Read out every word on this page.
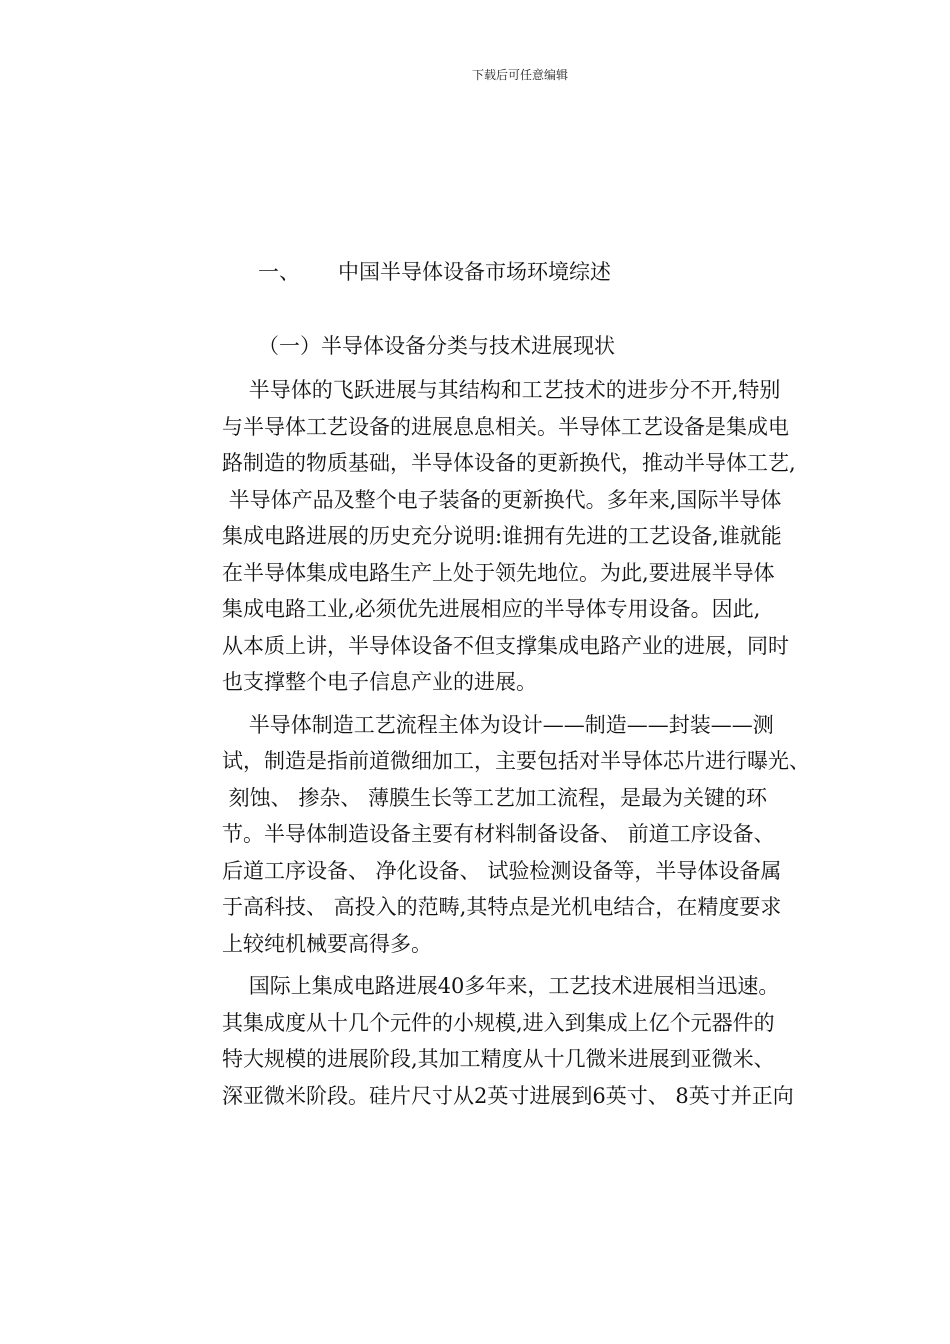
下载后可任意编辑
一、 中国半导体设备市场环境综述
（一）半导体设备分类与技术进展现状
半导体的飞跃进展与其结构和工艺技术的进步分不开,特别
与半导体工艺设备的进展息息相关。半导体工艺设备是集成电
路制造的物质基础，半导体设备的更新换代，推动半导体工艺,
半导体产品及整个电子装备的更新换代。多年来,国际半导体
集成电路进展的历史充分说明:谁拥有先进的工艺设备,谁就能
在半导体集成电路生产上处于领先地位。为此,要进展半导体
集成电路工业,必须优先进展相应的半导体专用设备。因此,
从本质上讲，半导体设备不但支撑集成电路产业的进展，同时
也支撑整个电子信息产业的进展。
半导体制造工艺流程主体为设计——制造——封装——测
试，制造是指前道微细加工，主要包括对半导体芯片进行曝光、
刻蚀、 掺杂、 薄膜生长等工艺加工流程，是最为关键的环
节。半导体制造设备主要有材料制备设备、 前道工序设备、
后道工序设备、 净化设备、 试验检测设备等，半导体设备属
于高科技、 高投入的范畴,其特点是光机电结合，在精度要求
上较纯机械要高得多。
国际上集成电路进展40多年来，工艺技术进展相当迅速。
其集成度从十几个元件的小规模,进入到集成上亿个元器件的
特大规模的进展阶段,其加工精度从十几微米进展到亚微米、
深亚微米阶段。硅片尺寸从2英寸进展到6英寸、 8英寸并正向
